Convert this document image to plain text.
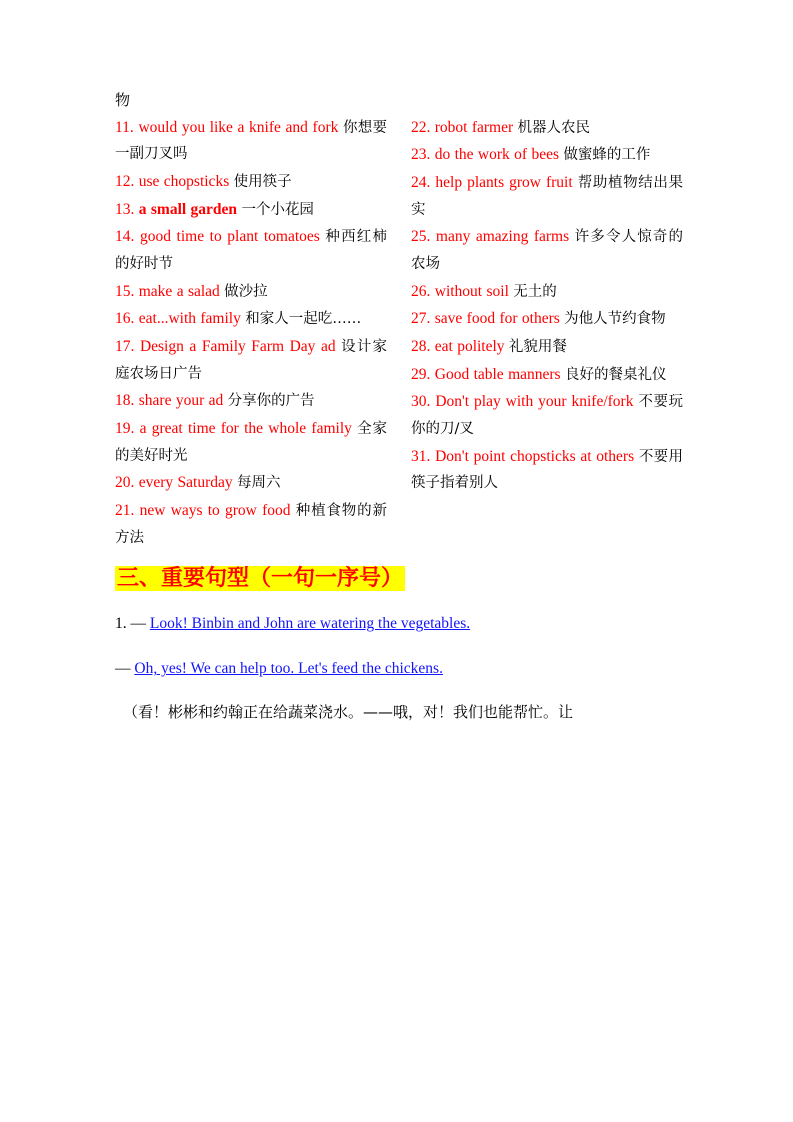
物

11. would you like a knife and fork 你想要一副刀叉吗

12. use chopsticks 使用筷子

13. a small garden 一个小花园

14. good time to plant tomatoes 种西红柿的好时节

15. make a salad 做沙拉

16. eat...with family 和家人一起吃……

17. Design a Family Farm Day ad 设计家庭农场日广告

18. share your ad 分享你的广告

19. a great time for the whole family 全家的美好时光

20. every Saturday 每周六

21. new ways to grow food 种植食物的新方法

22. robot farmer 机器人农民

23. do the work of bees 做蜜蜂的工作

24. help plants grow fruit 帮助植物结出果实

25. many amazing farms 许多令人惊奇的农场

26. without soil 无土的

27. save food for others 为他人节约食物

28. eat politely 礼貌用餐

29. Good table manners 良好的餐桌礼仪

30. Don't play with your knife/fork 不要玩你的刀/叉

31. Don't point chopsticks at others 不要用筷子指着别人

三、重要句型（一句一序号）

1. — Look! Binbin and John are watering the vegetables.

— Oh, yes! We can help too. Let's feed the chickens.

（看！彬彬和约翰正在给蔬菜浇水。——哦，对！我们也能帮忙。让
